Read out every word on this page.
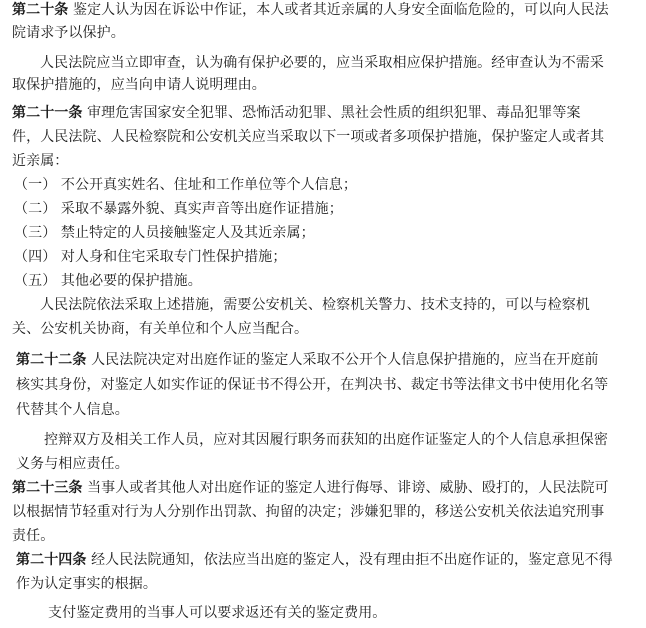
第二十条 鉴定人认为因在诉讼中作证，本人或者其近亲属的人身安全面临危险的，可以向人民法
院请求予以保护。
人民法院应当立即审查，认为确有保护必要的，应当采取相应保护措施。经审查认为不需采
取保护措施的，应当向申请人说明理由。
第二十一条 审理危害国家安全犯罪、恐怖活动犯罪、黑社会性质的组织犯罪、毒品犯罪等案
件，人民法院、人民检察院和公安机关应当采取以下一项或者多项保护措施，保护鉴定人或者其
近亲属：
（一） 不公开真实姓名、住址和工作单位等个人信息；
（二） 采取不暴露外貌、真实声音等出庭作证措施；
（三） 禁止特定的人员接触鉴定人及其近亲属；
（四） 对人身和住宅采取专门性保护措施；
（五） 其他必要的保护措施。
人民法院依法采取上述措施，需要公安机关、检察机关警力、技术支持的，可以与检察机
关、公安机关协商，有关单位和个人应当配合。
第二十二条 人民法院决定对出庭作证的鉴定人采取不公开个人信息保护措施的，应当在开庭前
核实其身份，对鉴定人如实作证的保证书不得公开，在判决书、裁定书等法律文书中使用化名等
代替其个人信息。
控辩双方及相关工作人员，应对其因履行职务而获知的出庭作证鉴定人的个人信息承担保密
义务与相应责任。
第二十三条 当事人或者其他人对出庭作证的鉴定人进行侮辱、诽谤、威胁、殴打的，人民法院可
以根据情节轻重对行为人分别作出罚款、拘留的决定；涉嫌犯罪的，移送公安机关依法追究刑事
责任。
第二十四条 经人民法院通知，依法应当出庭的鉴定人，没有理由拒不出庭作证的，鉴定意见不得
作为认定事实的根据。
支付鉴定费用的当事人可以要求返还有关的鉴定费用。
